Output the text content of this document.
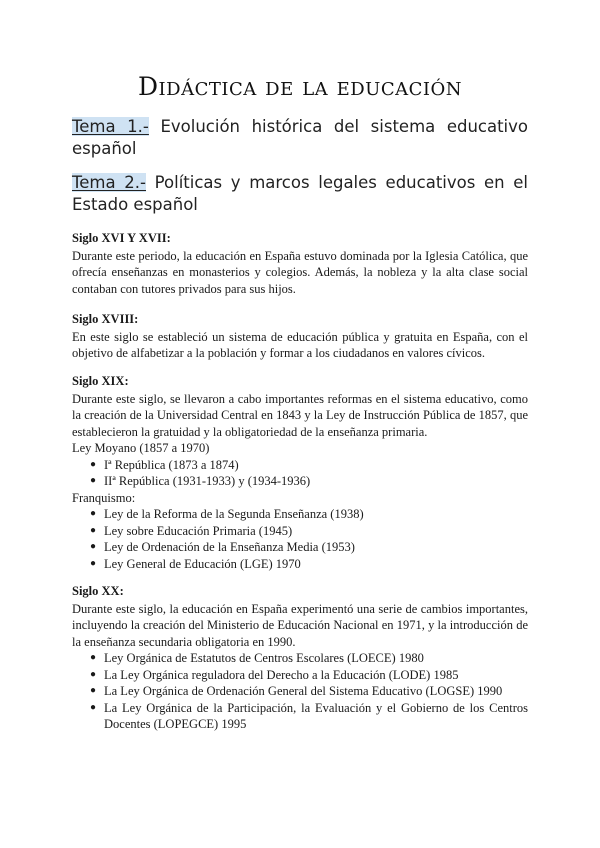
Didáctica de la educación
Tema 1.- Evolución histórica del sistema educativo español
Tema 2.- Políticas y marcos legales educativos en el Estado español
Siglo XVI Y XVII:
Durante este periodo, la educación en España estuvo dominada por la Iglesia Católica, que ofrecía enseñanzas en monasterios y colegios. Además, la nobleza y la alta clase social contaban con tutores privados para sus hijos.
Siglo XVIII:
En este siglo se estableció un sistema de educación pública y gratuita en España, con el objetivo de alfabetizar a la población y formar a los ciudadanos en valores cívicos.
Siglo XIX:
Durante este siglo, se llevaron a cabo importantes reformas en el sistema educativo, como la creación de la Universidad Central en 1843 y la Ley de Instrucción Pública de 1857, que establecieron la gratuidad y la obligatoriedad de la enseñanza primaria.
Ley Moyano (1857 a 1970)
● Iª República (1873 a 1874)
● IIª República (1931-1933) y (1934-1936)
Franquismo:
● Ley de la Reforma de la Segunda Enseñanza (1938)
● Ley sobre Educación Primaria (1945)
● Ley de Ordenación de la Enseñanza Media (1953)
● Ley General de Educación (LGE) 1970
Siglo XX:
Durante este siglo, la educación en España experimentó una serie de cambios importantes, incluyendo la creación del Ministerio de Educación Nacional en 1971, y la introducción de la enseñanza secundaria obligatoria en 1990.
● Ley Orgánica de Estatutos de Centros Escolares (LOECE) 1980
● La Ley Orgánica reguladora del Derecho a la Educación (LODE) 1985
● La Ley Orgánica de Ordenación General del Sistema Educativo (LOGSE) 1990
● La Ley Orgánica de la Participación, la Evaluación y el Gobierno de los Centros Docentes (LOPEGCE) 1995
